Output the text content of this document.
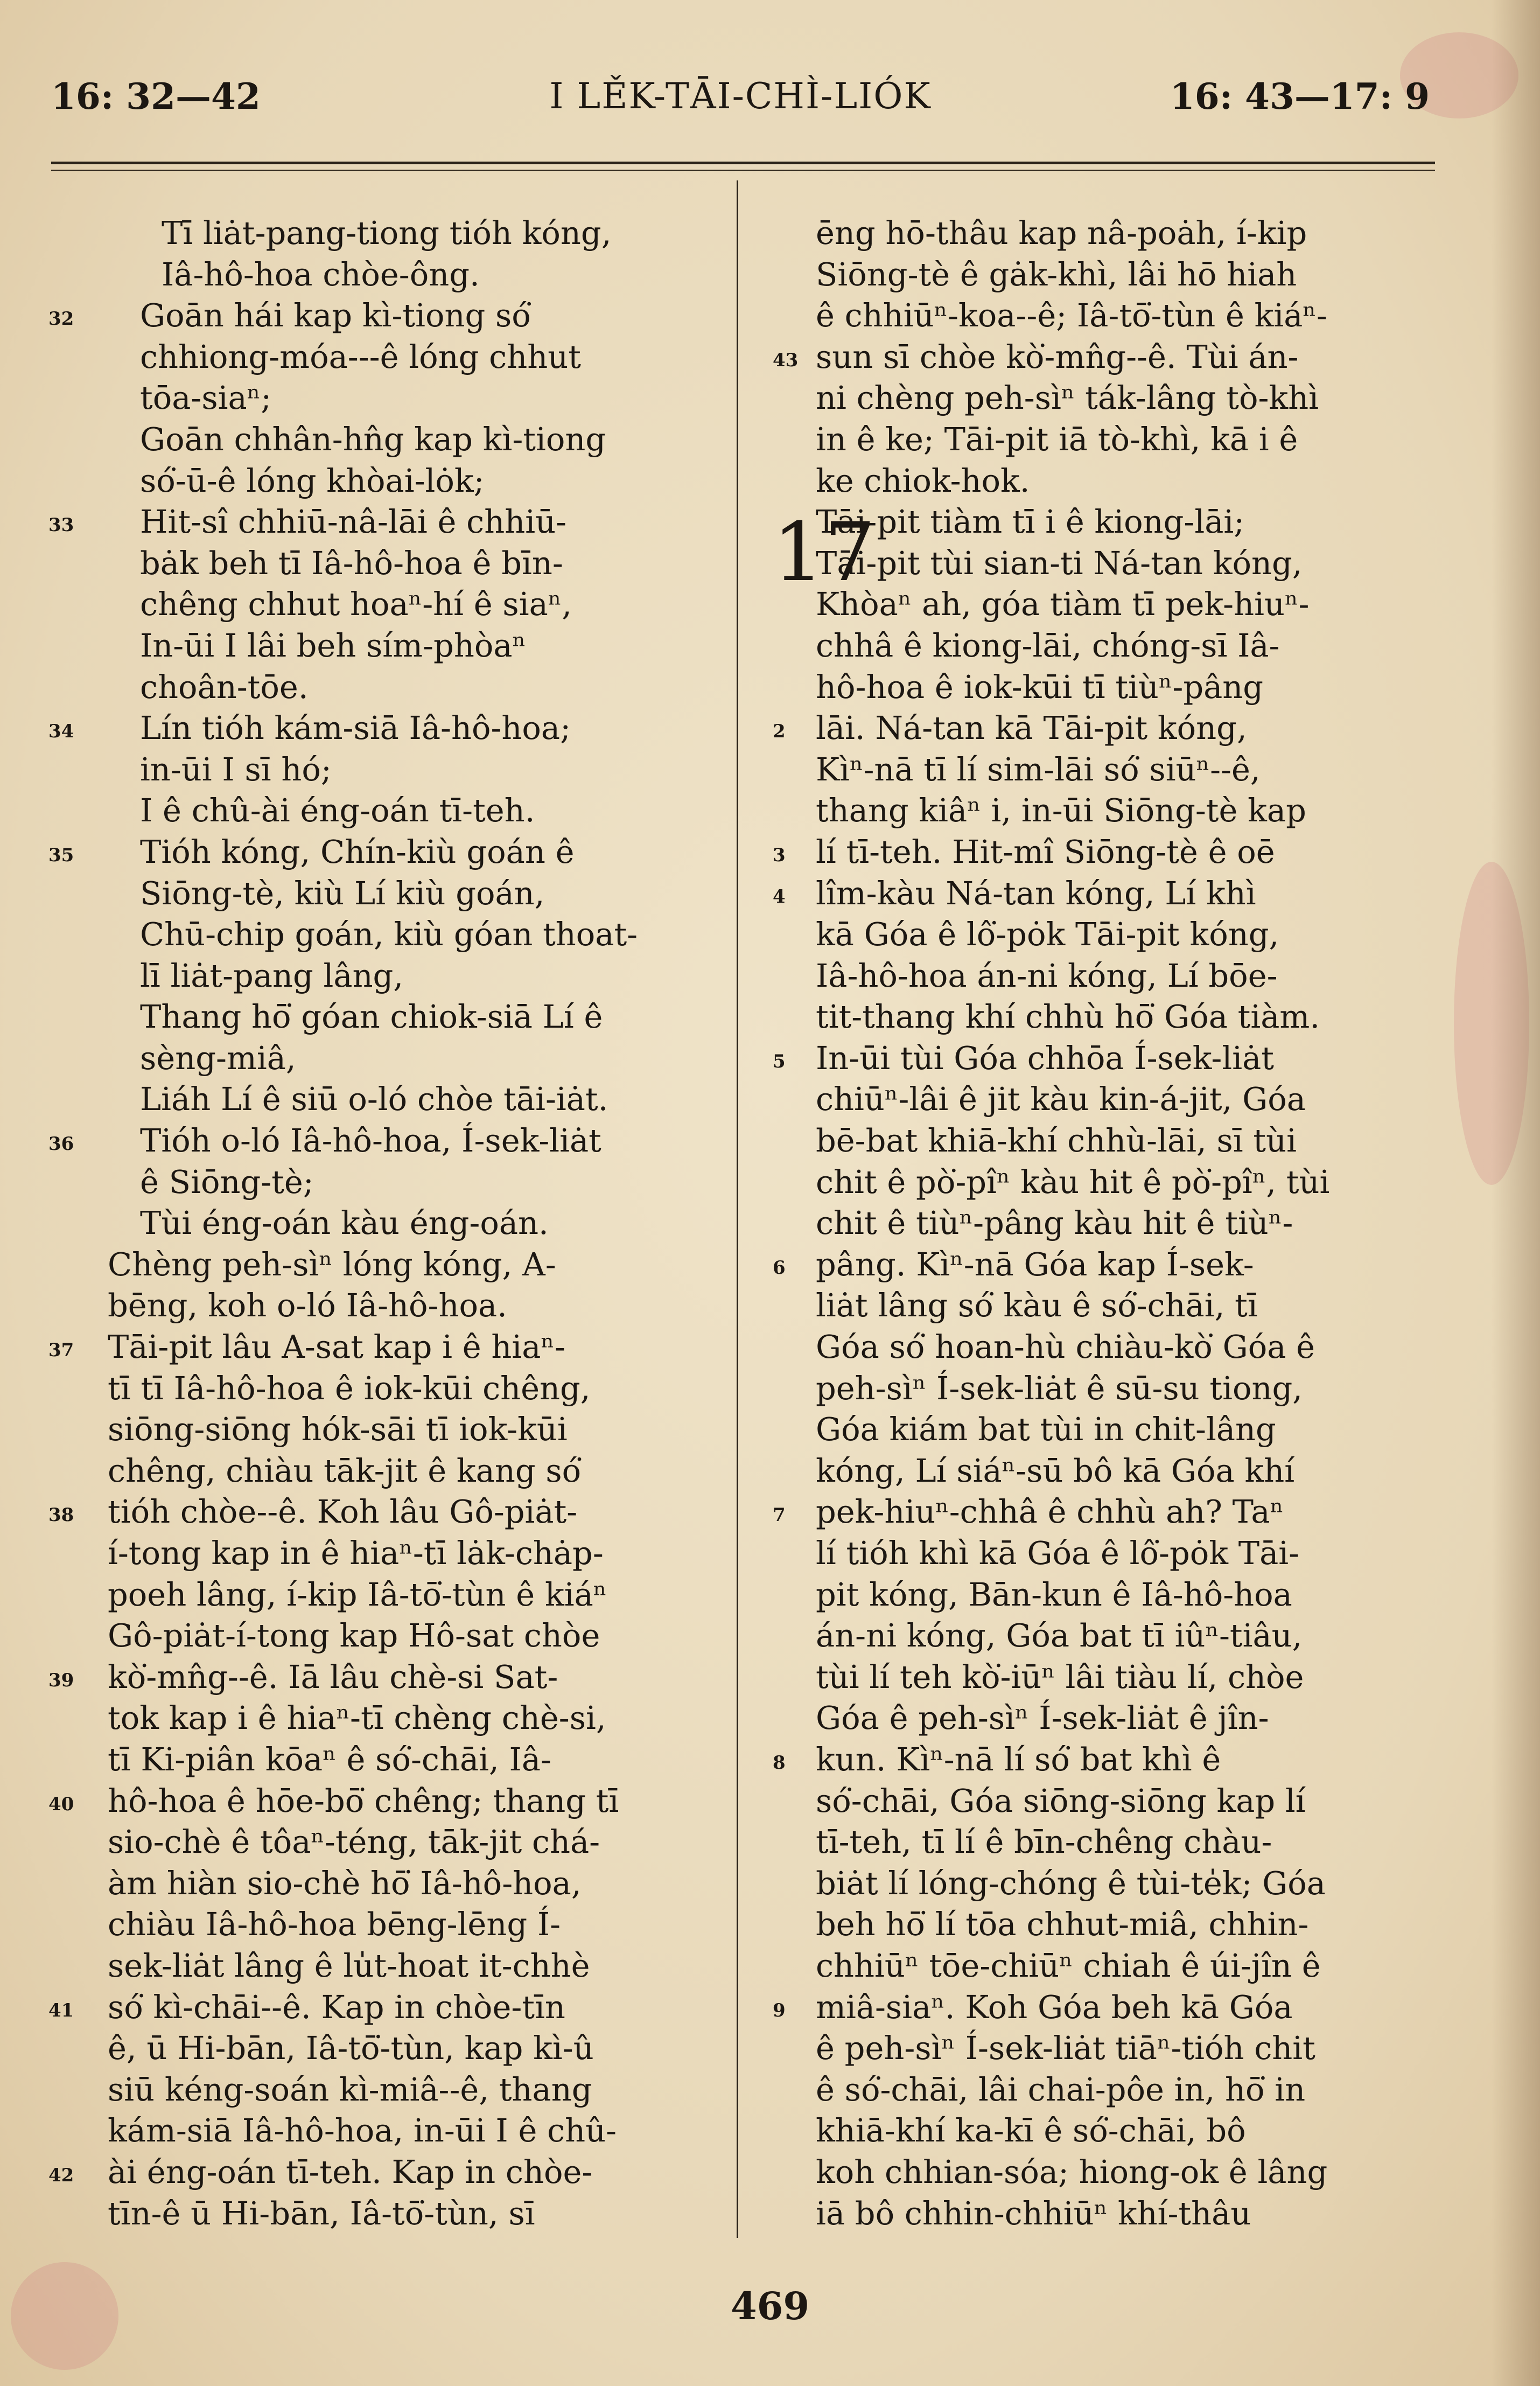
I LĚK-TĀI-CHÌ-LIÓK
16: 32—42	16: 43—17: 9
Tī liȧt-pang-tiong tióh kóng,
Iâ-hô-hoa chòe-ông.
32 Goān hái kap kì-tiong só͘
chhiong-móa---ê lóng chhut
tōa-siaⁿ;
Goān chhân-hn̂g kap kì-tiong
só͘-ū-ê lóng khòai-lȯk;
33 Hit-sî chhiū-nâ-lāi ê chhiū-
bȧk beh tī Iâ-hô-hoa ê bīn-
chêng chhut hoaⁿ-hí ê siaⁿ,
In-ūi I lâi beh sím-phòaⁿ
choân-tōe.
34 Lín tióh kám-siā Iâ-hô-hoa;
in-ūi I sī hó;
I ê chû-ài éng-oán tī-teh.
35 Tióh kóng, Chín-kiù goán ê
Siōng-tè, kiù Lí kiù goán,
Chū-chip goán, kiù góan thoat-
lī liȧt-pang lâng,
Thang hō͘ góan chiok-siā Lí ê
sèng-miâ,
Liáh Lí ê siū o-ló chòe tāi-iȧt.
36 Tióh o-ló Iâ-hô-hoa, Í-sek-liȧt
ê Siōng-tè;
Tùi éng-oán kàu éng-oán.
Chèng peh-sìⁿ lóng kóng, A-
bēng, koh o-ló Iâ-hô-hoa.
37 Tāi-pit lâu A-sat kap i ê hiaⁿ-
tī tī Iâ-hô-hoa ê iok-kūi chêng,
siōng-siōng hók-sāi tī iok-kūi
chêng, chiàu tāk-jit ê kang só͘
38 tióh chòe--ê. Koh lâu Gô-piȧt-
í-tong kap in ê hiaⁿ-tī lȧk-chȧp-
poeh lâng, í-kip Iâ-tō͘-tùn ê kiáⁿ
Gô-piȧt-í-tong kap Hô-sat chòe
39 kò͘-mn̂g--ê. Iā lâu chè-si Sat-
tok kap i ê hiaⁿ-tī chèng chè-si,
tī Ki-piân kōaⁿ ê só͘-chāi, Iâ-
40 hô-hoa ê hōe-bō͘ chêng; thang tī
sio-chè ê tôaⁿ-téng, tāk-jit chá-
àm hiàn sio-chè hō͘ Iâ-hô-hoa,
chiàu Iâ-hô-hoa bēng-lēng Í-
sek-liȧt lâng ê lu̍t-hoat it-chhè
41 só͘ kì-chāi--ê. Kap in chòe-tīn
ê, ū Hi-bān, Iâ-tō͘-tùn, kap kì-û
siū kéng-soán kì-miâ--ê, thang
kám-siā Iâ-hô-hoa, in-ūi I ê chû-
42 ài éng-oán tī-teh. Kap in chòe-
tīn-ê ū Hi-bān, Iâ-tō͘-tùn, sī
ēng hō-thâu kap nâ-poȧh, í-kip
Siōng-tè ê gȧk-khì, lâi hō hiah
ê chhiūⁿ-koa--ê; Iâ-tō͘-tùn ê kiáⁿ-
43 sun sī chòe kò͘-mn̂g--ê. Tùi án-
ni chèng peh-sìⁿ ták-lâng tò-khì
in ê ke; Tāi-pit iā tò-khì, kā i ê
ke chiok-hok.
17
Tāi-pit tiàm tī i ê kiong-lāi;
Tāi-pit tùi sian-ti Ná-tan kóng,
Khòaⁿ ah, góa tiàm tī pek-hiuⁿ-
chhâ ê kiong-lāi, chóng-sī Iâ-
hô-hoa ê iok-kūi tī tiùⁿ-pâng
2 lāi. Ná-tan kā Tāi-pit kóng,
Kìⁿ-nā tī lí sim-lāi só͘ siūⁿ--ê,
thang kiâⁿ i, in-ūi Siōng-tè kap
3 lí tī-teh. Hit-mî Siōng-tè ê oē
4 lîm-kàu Ná-tan kóng, Lí khì
kā Góa ê lô͘-pȯk Tāi-pit kóng,
Iâ-hô-hoa án-ni kóng, Lí bōe-
tit-thang khí chhù hō͘ Góa tiàm.
5 In-ūi tùi Góa chhōa Í-sek-liȧt
chiūⁿ-lâi ê jit kàu kin-á-jit, Góa
bē-bat khiā-khí chhù-lāi, sī tùi
chit ê pò͘-pîⁿ kàu hit ê pò͘-pîⁿ, tùi
chit ê tiùⁿ-pâng kàu hit ê tiùⁿ-
6 pâng. Kìⁿ-nā Góa kap Í-sek-
liȧt lâng só͘ kàu ê só͘-chāi, tī
Góa só͘ hoan-hù chiàu-kò͘ Góa ê
peh-sìⁿ Í-sek-liȧt ê sū-su tiong,
Góa kiám bat tùi in chit-lâng
kóng, Lí siáⁿ-sū bô kā Góa khí
7 pek-hiuⁿ-chhâ ê chhù ah? Taⁿ
lí tióh khì kā Góa ê lô͘-pȯk Tāi-
pit kóng, Bān-kun ê Iâ-hô-hoa
án-ni kóng, Góa bat tī iûⁿ-tiâu,
tùi lí teh kò͘-iūⁿ lâi tiàu lí, chòe
Góa ê peh-sìⁿ Í-sek-liȧt ê jîn-
8 kun. Kìⁿ-nā lí só͘ bat khì ê
só͘-chāi, Góa siōng-siōng kap lí
tī-teh, tī lí ê bīn-chêng chàu-
biȧt lí lóng-chóng ê tùi-te̍k; Góa
beh hō͘ lí tōa chhut-miâ, chhin-
chhiūⁿ tōe-chiūⁿ chiah ê úi-jîn ê
9 miâ-siaⁿ. Koh Góa beh kā Góa
ê peh-sìⁿ Í-sek-liȧt tiāⁿ-tióh chit
ê só͘-chāi, lâi chai-pôe in, hō͘ in
khiā-khí ka-kī ê só͘-chāi, bô
koh chhian-sóa; hiong-ok ê lâng
iā bô chhin-chhiūⁿ khí-thâu
469
